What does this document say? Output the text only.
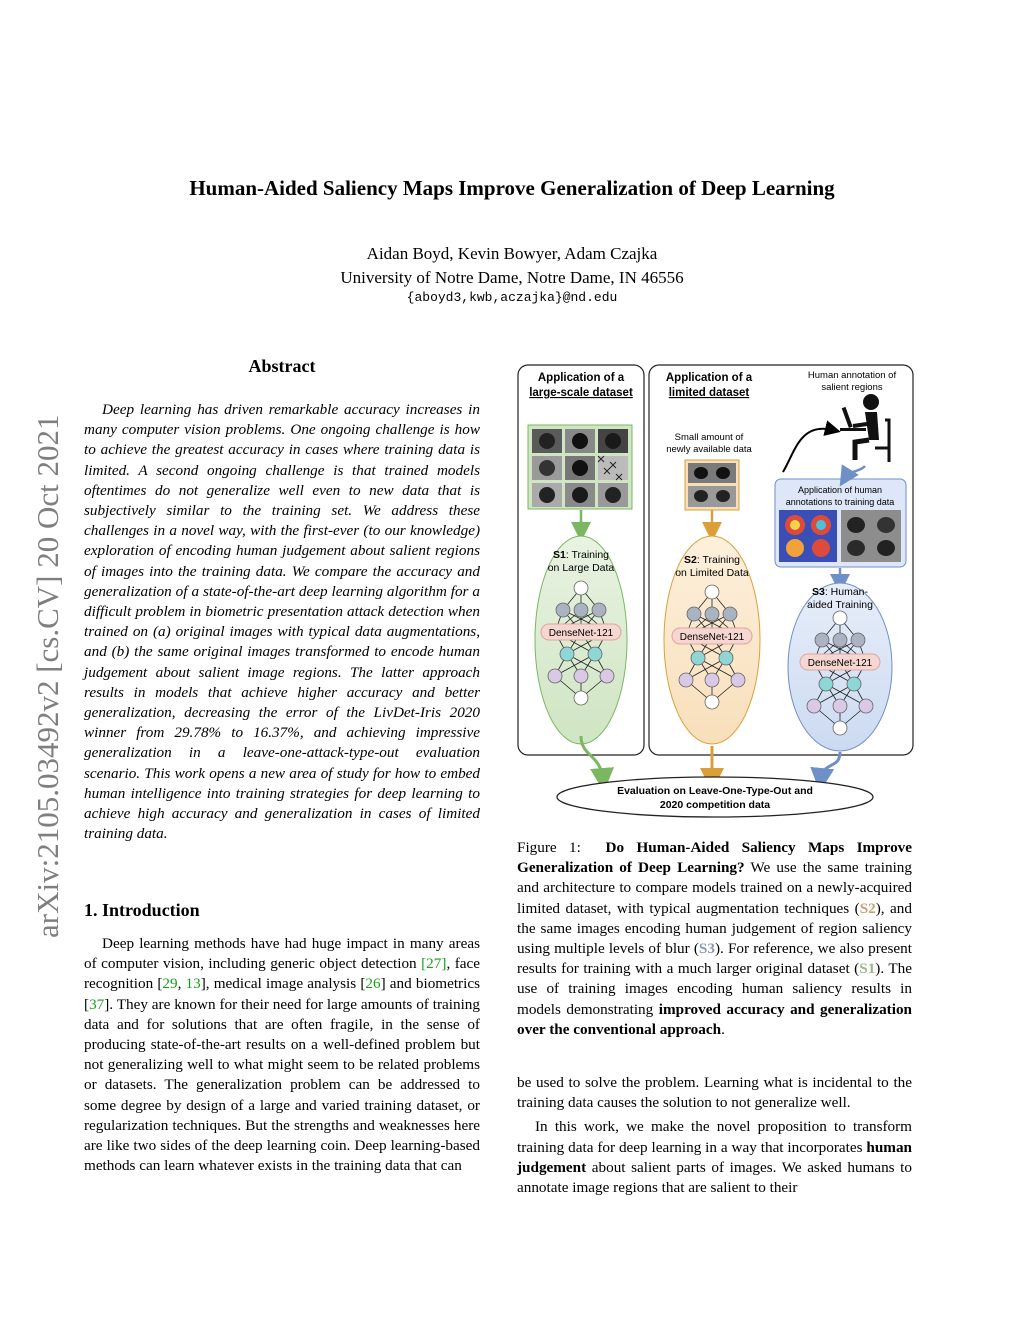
arXiv:2105.03492v2 [cs.CV] 20 Oct 2021
Human-Aided Saliency Maps Improve Generalization of Deep Learning
Aidan Boyd, Kevin Bowyer, Adam Czajka
University of Notre Dame, Notre Dame, IN 46556
{aboyd3,kwb,aczajka}@nd.edu
Abstract
Deep learning has driven remarkable accuracy increases in many computer vision problems. One ongoing challenge is how to achieve the greatest accuracy in cases where training data is limited. A second ongoing challenge is that trained models oftentimes do not generalize well even to new data that is subjectively similar to the training set. We address these challenges in a novel way, with the first-ever (to our knowledge) exploration of encoding human judgement about salient regions of images into the training data. We compare the accuracy and generalization of a state-of-the-art deep learning algorithm for a difficult problem in biometric presentation attack detection when trained on (a) original images with typical data augmentations, and (b) the same original images transformed to encode human judgement about salient image regions. The latter approach results in models that achieve higher accuracy and better generalization, decreasing the error of the LivDet-Iris 2020 winner from 29.78% to 16.37%, and achieving impressive generalization in a leave-one-attack-type-out evaluation scenario. This work opens a new area of study for how to embed human intelligence into training strategies for deep learning to achieve high accuracy and generalization in cases of limited training data.
1. Introduction
Deep learning methods have had huge impact in many areas of computer vision, including generic object detection [27], face recognition [29, 13], medical image analysis [26] and biometrics [37]. They are known for their need for large amounts of training data and for solutions that are often fragile, in the sense of producing state-of-the-art results on a well-defined problem but not generalizing well to what might seem to be related problems or datasets. The generalization problem can be addressed to some degree by design of a large and varied training dataset, or regularization techniques. But the strengths and weaknesses here are like two sides of the deep learning coin. Deep learning-based methods can learn whatever exists in the training data that can
Application of a
large-scale dataset
Application of a
limited dataset
Human annotation of
salient regions
Small amount of
newly available data
Application of human
annotations to training data
S1: Training
on Large Data
S2: Training
on Limited Data
S3: Human-
aided Training
DenseNet-121	DenseNet-121
DenseNet-121
Evaluation on Leave-One-Type-Out and
2020 competition data
Figure 1: Do Human-Aided Saliency Maps Improve Generalization of Deep Learning? We use the same training and architecture to compare models trained on a newly-acquired limited dataset, with typical augmentation techniques (S2), and the same images encoding human judgement of region saliency using multiple levels of blur (S3). For reference, we also present results for training with a much larger original dataset (S1). The use of training images encoding human saliency results in models demonstrating improved accuracy and generalization over the conventional approach.

be used to solve the problem. Learning what is incidental to the training data causes the solution to not generalize well.

In this work, we make the novel proposition to transform training data for deep learning in a way that incorporates human judgement about salient parts of images. We asked humans to annotate image regions that are salient to their
